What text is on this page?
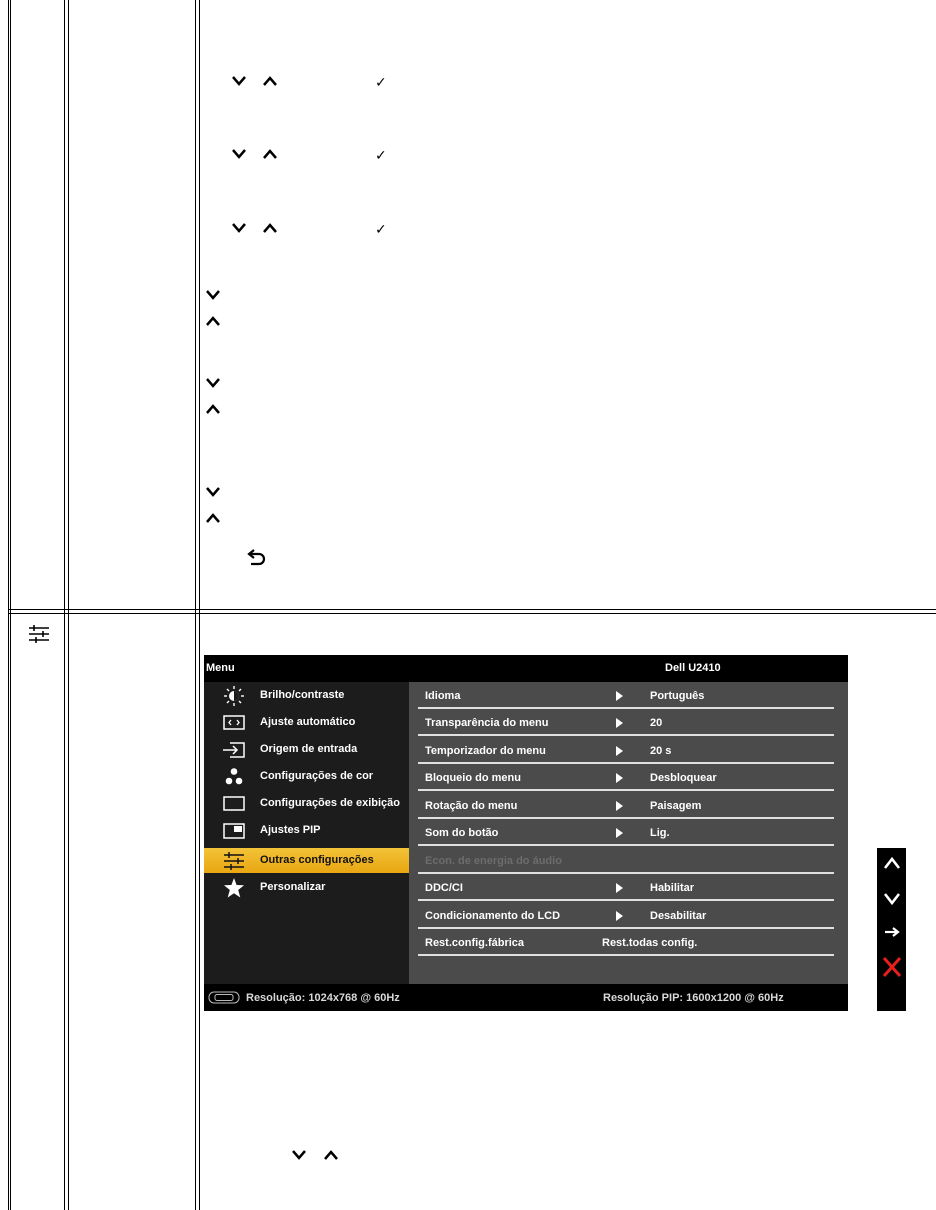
✓
✓
✓
Menu	Dell U2410
Brilho/contraste
Ajuste automático
Origem de entrada
Configurações de cor
Configurações de exibição
Ajustes PIP
Outras configurações
Personalizar
Idioma	Português
Transparência do menu	20
Temporizador do menu	20 s
Bloqueio do menu	Desbloquear
Rotação do menu	Paisagem
Som do botão	Lig.
Econ. de energia do áudio
DDC/CI	Habilitar
Condicionamento do LCD	Desabilitar
Rest.config.fábrica	Rest.todas config.
Resolução: 1024x768 @ 60Hz	Resolução PIP: 1600x1200 @ 60Hz
